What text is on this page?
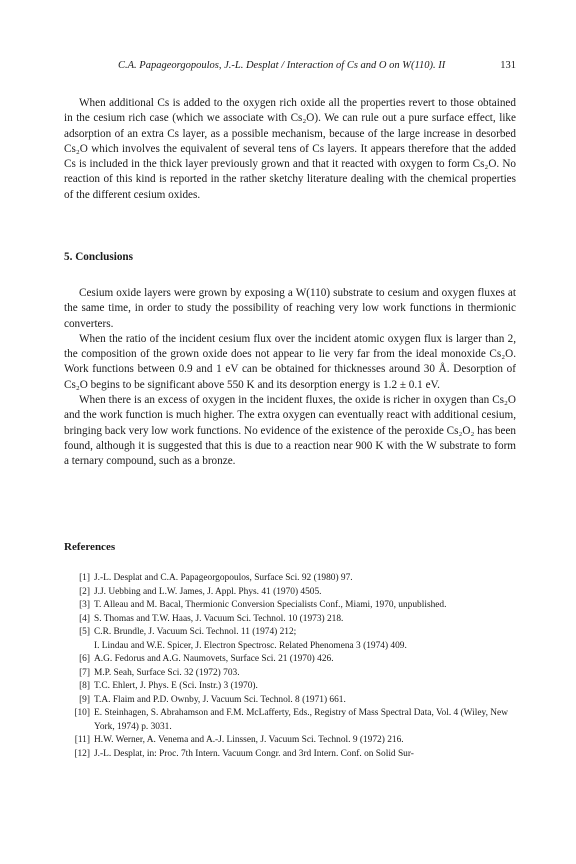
C.A. Papageorgopoulos, J.-L. Desplat / Interaction of Cs and O on W(110). II	131

When additional Cs is added to the oxygen rich oxide all the properties revert to those obtained in the cesium rich case (which we associate with Cs₂O). We can rule out a pure surface effect, like adsorption of an extra Cs layer, as a possible mechanism, because of the large increase in desorbed Cs₂O which involves the equivalent of several tens of Cs layers. It appears therefore that the added Cs is included in the thick layer previously grown and that it reacted with oxygen to form Cs₂O. No reaction of this kind is reported in the rather sketchy literature dealing with the chemical properties of the different cesium oxides.

5. Conclusions

Cesium oxide layers were grown by exposing a W(110) substrate to cesium and oxygen fluxes at the same time, in order to study the possibility of reaching very low work functions in thermionic converters.

When the ratio of the incident cesium flux over the incident atomic oxygen flux is larger than 2, the composition of the grown oxide does not appear to lie very far from the ideal monoxide Cs₂O. Work functions between 0.9 and 1 eV can be obtained for thicknesses around 30 Å. Desorption of Cs₂O begins to be significant above 550 K and its desorption energy is 1.2 ± 0.1 eV.

When there is an excess of oxygen in the incident fluxes, the oxide is richer in oxygen than Cs₂O and the work function is much higher. The extra oxygen can eventually react with additional cesium, bringing back very low work functions. No evidence of the existence of the peroxide Cs₂O₂ has been found, although it is suggested that this is due to a reaction near 900 K with the W substrate to form a ternary compound, such as a bronze.

References
[1] J.-L. Desplat and C.A. Papageorgopoulos, Surface Sci. 92 (1980) 97.
[2] J.J. Uebbing and L.W. James, J. Appl. Phys. 41 (1970) 4505.
[3] T. Alleau and M. Bacal, Thermionic Conversion Specialists Conf., Miami, 1970, unpublished.
[4] S. Thomas and T.W. Haas, J. Vacuum Sci. Technol. 10 (1973) 218.
[5] C.R. Brundle, J. Vacuum Sci. Technol. 11 (1974) 212;
I. Lindau and W.E. Spicer, J. Electron Spectrosc. Related Phenomena 3 (1974) 409.
[6] A.G. Fedorus and A.G. Naumovets, Surface Sci. 21 (1970) 426.
[7] M.P. Seah, Surface Sci. 32 (1972) 703.
[8] T.C. Ehlert, J. Phys. E (Sci. Instr.) 3 (1970).
[9] T.A. Flaim and P.D. Ownby, J. Vacuum Sci. Technol. 8 (1971) 661.
[10] E. Steinhagen, S. Abrahamson and F.M. McLafferty, Eds., Registry of Mass Spectral Data, Vol. 4 (Wiley, New York, 1974) p. 3031.
[11] H.W. Werner, A. Venema and A.-J. Linssen, J. Vacuum Sci. Technol. 9 (1972) 216.
[12] J.-L. Desplat, in: Proc. 7th Intern. Vacuum Congr. and 3rd Intern. Conf. on Solid Sur-
